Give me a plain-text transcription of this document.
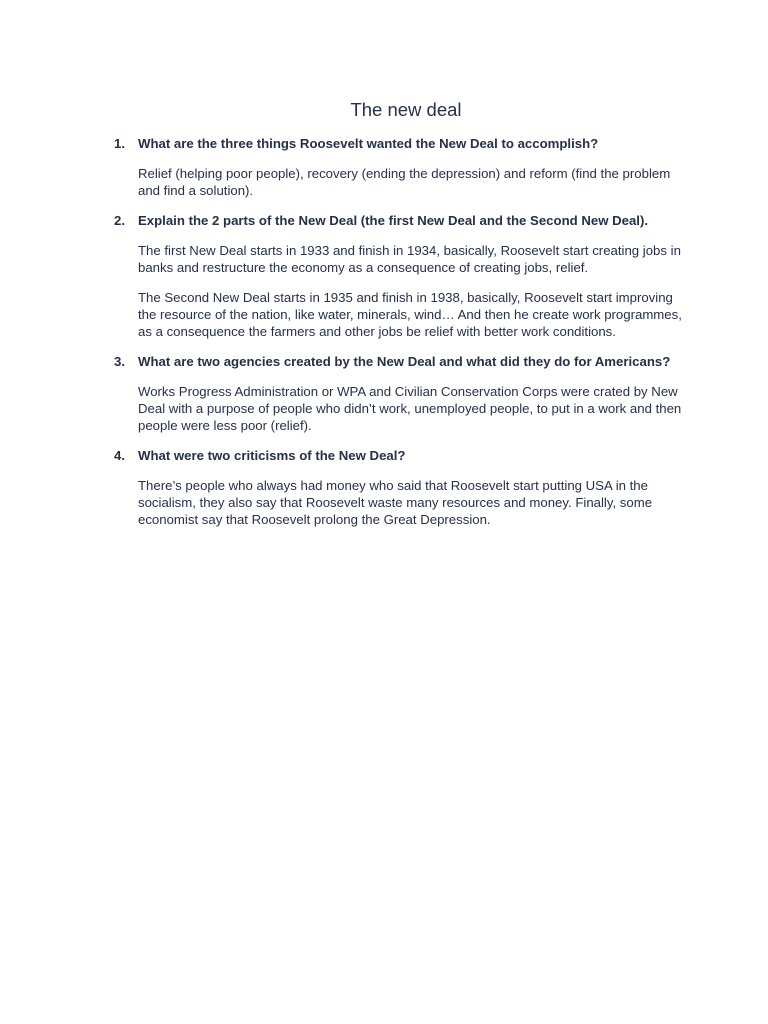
The new deal
1. What are the three things Roosevelt wanted the New Deal to accomplish?

Relief (helping poor people), recovery (ending the depression) and reform (find the problem and find a solution).

2. Explain the 2 parts of the New Deal (the first New Deal and the Second New Deal).

The first New Deal starts in 1933 and finish in 1934, basically, Roosevelt start creating jobs in banks and restructure the economy as a consequence of creating jobs, relief.

The Second New Deal starts in 1935 and finish in 1938, basically, Roosevelt start improving the resource of the nation, like water, minerals, wind… And then he create work programmes, as a consequence the farmers and other jobs be relief with better work conditions.

3. What are two agencies created by the New Deal and what did they do for Americans?

Works Progress Administration or WPA and Civilian Conservation Corps were crated by New Deal with a purpose of people who didn’t work, unemployed people, to put in a work and then people were less poor (relief).

4. What were two criticisms of the New Deal?

There’s people who always had money who said that Roosevelt start putting USA in the socialism, they also say that Roosevelt waste many resources and money. Finally, some economist say that Roosevelt prolong the Great Depression.
